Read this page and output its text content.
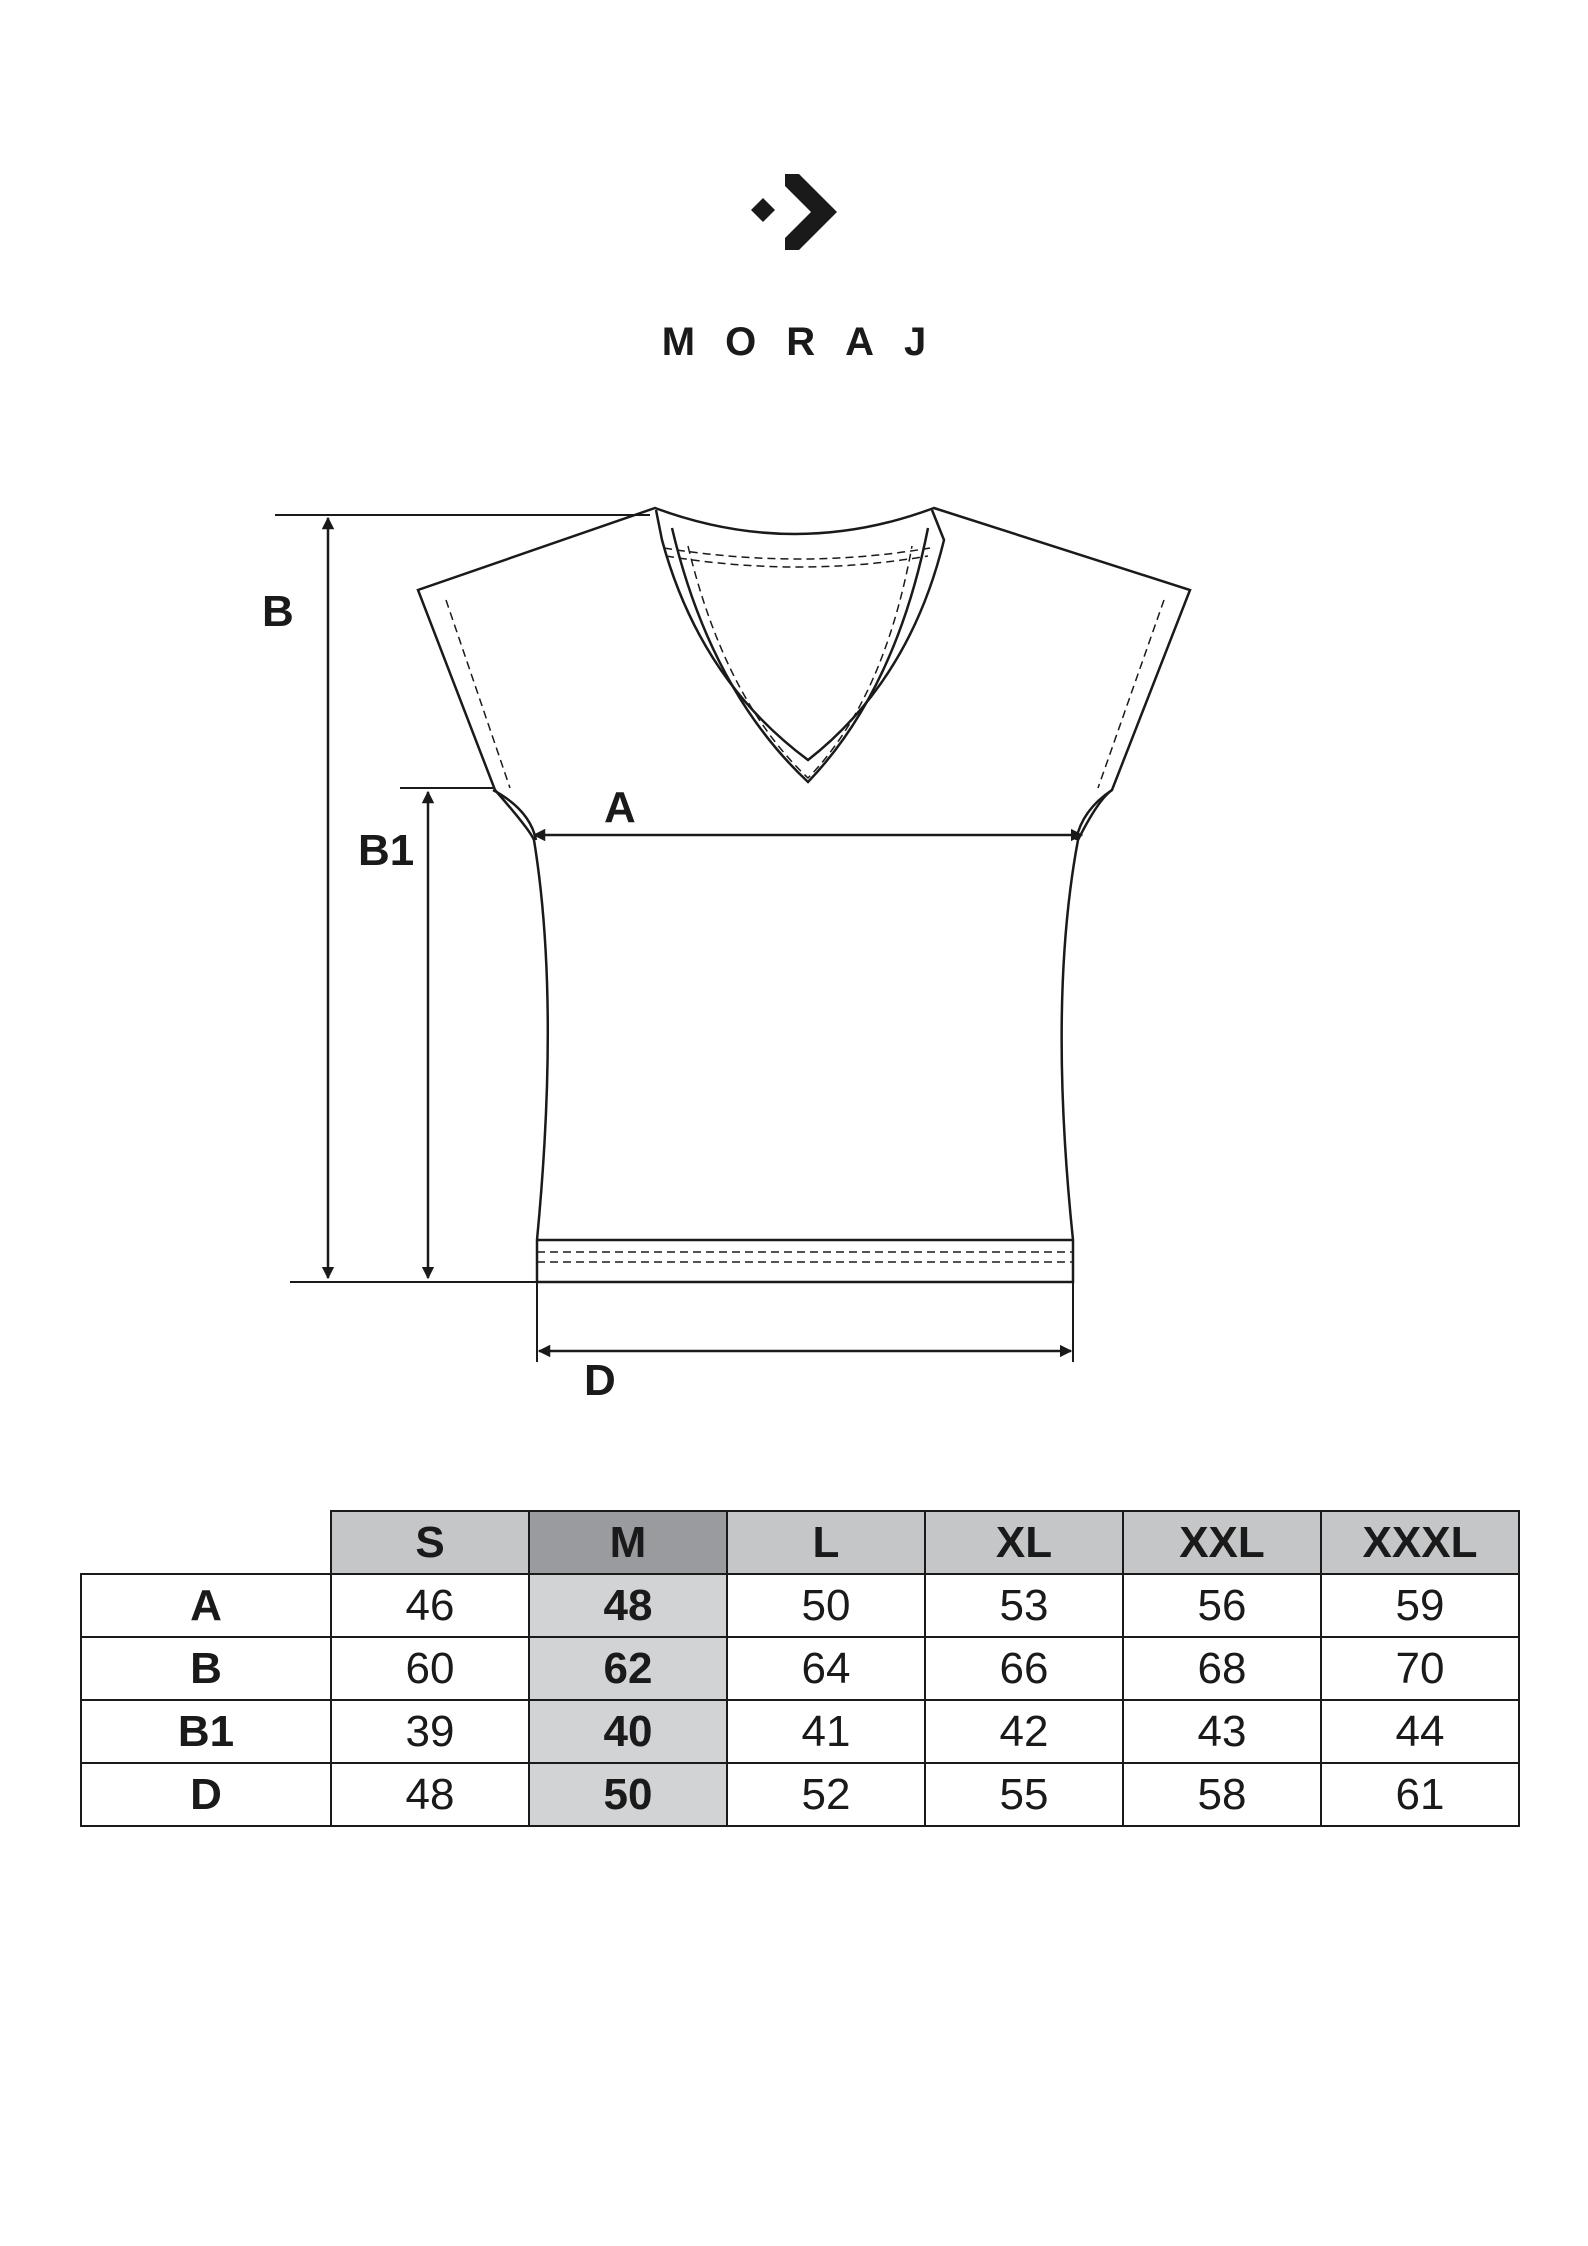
MORAJ
B
B1
A
D
	S	M	L	XL	XXL	XXXL
A	46	48	50	53	56	59
B	60	62	64	66	68	70
B1	39	40	41	42	43	44
D	48	50	52	55	58	61
